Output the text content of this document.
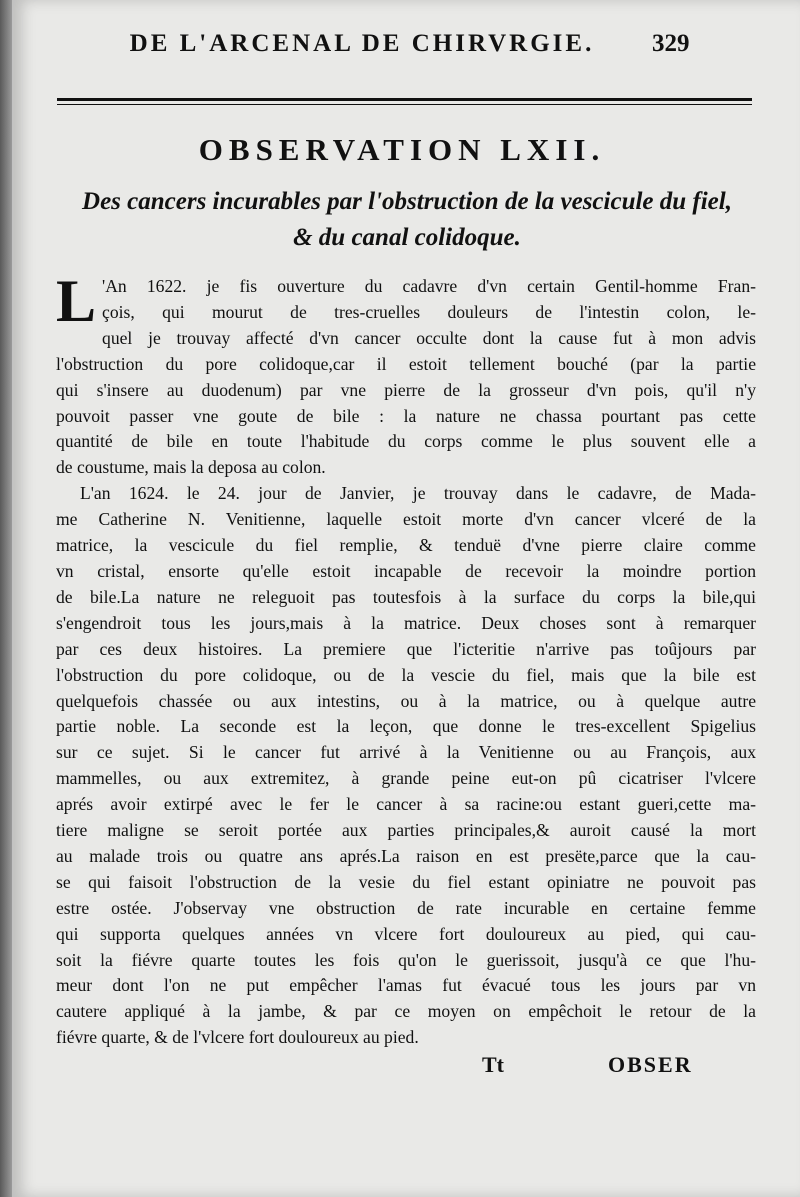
DE L'ARCENAL DE CHIRVRGIE.	329
OBSERVATION LXII.
Des cancers incurables par l'obstruction de la vescicule du fiel,
& du canal colidoque.

L 'An 1622. je fis ouverture du cadavre d'vn certain Gentil-homme Fran-
çois, qui mourut de tres-cruelles douleurs de l'intestin colon, le-
quel je trouvay affecté d'vn cancer occulte dont la cause fut à mon advis
l'obstruction du pore colidoque,car il estoit tellement bouché (par la partie
qui s'insere au duodenum) par vne pierre de la grosseur d'vn pois, qu'il n'y
pouvoit passer vne goute de bile : la nature ne chassa pourtant pas cette
quantité de bile en toute l'habitude du corps comme le plus souvent elle a
de coustume, mais la deposa au colon.

L'an 1624. le 24. jour de Janvier, je trouvay dans le cadavre, de Mada-
me Catherine N. Venitienne, laquelle estoit morte d'vn cancer vlceré de la
matrice, la vescicule du fiel remplie, & tenduë d'vne pierre claire comme
vn cristal, ensorte qu'elle estoit incapable de recevoir la moindre portion
de bile.La nature ne releguoit pas toutesfois à la surface du corps la bile,qui
s'engendroit tous les jours,mais à la matrice. Deux choses sont à remarquer
par ces deux histoires. La premiere que l'icteritie n'arrive pas toûjours par
l'obstruction du pore colidoque, ou de la vescie du fiel, mais que la bile est
quelquefois chassée ou aux intestins, ou à la matrice, ou à quelque autre
partie noble. La seconde est la leçon, que donne le tres-excellent Spigelius
sur ce sujet. Si le cancer fut arrivé à la Venitienne ou au François, aux
mammelles, ou aux extremitez, à grande peine eut-on pû cicatriser l'vlcere
aprés avoir extirpé avec le fer le cancer à sa racine:ou estant gueri,cette ma-
tiere maligne se seroit portée aux parties principales,& auroit causé la mort
au malade trois ou quatre ans aprés.La raison en est presëte,parce que la cau-
se qui faisoit l'obstruction de la vesie du fiel estant opiniatre ne pouvoit pas
estre ostée. J'observay vne obstruction de rate incurable en certaine femme
qui supporta quelques années vn vlcere fort douloureux au pied, qui cau-
soit la fiévre quarte toutes les fois qu'on le guerissoit, jusqu'à ce que l'hu-
meur dont l'on ne put empêcher l'amas fut évacué tous les jours par vn
cautere appliqué à la jambe, & par ce moyen on empêchoit le retour de la
fiévre quarte, & de l'vlcere fort douloureux au pied.

Tt	OBSER
